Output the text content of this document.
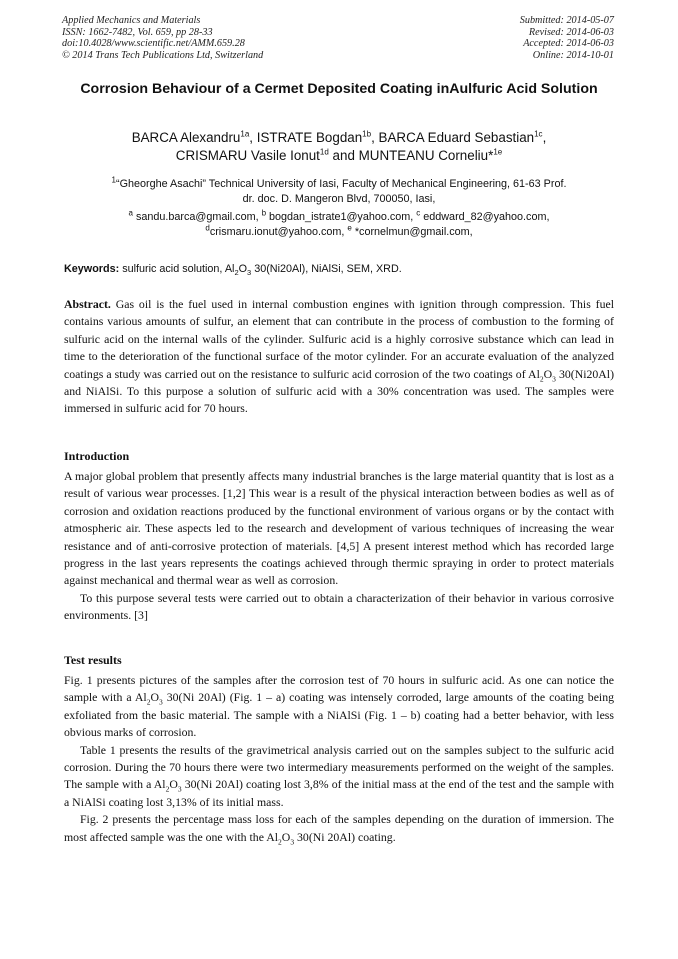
Applied Mechanics and Materials
ISSN: 1662-7482, Vol. 659, pp 28-33
doi:10.4028/www.scientific.net/AMM.659.28
© 2014 Trans Tech Publications Ltd, Switzerland
Submitted: 2014-05-07
Revised: 2014-06-03
Accepted: 2014-06-03
Online: 2014-10-01
Corrosion Behaviour of a Cermet Deposited Coating inAulfuric Acid Solution
BARCA Alexandru$^{1a}$, ISTRATE Bogdan$^{1b}$, BARCA Eduard Sebastian$^{1c}$,
CRISMARU Vasile Ionut$^{1d}$ and MUNTEANU Corneliu*$^{1e}$
$^1$“Gheorghe Asachi” Technical University of Iasi, Faculty of Mechanical Engineering, 61-63 Prof.
dr. doc. D. Mangeron Blvd, 700050, Iasi,
$^a$ sandu.barca@gmail.com, $^b$ bogdan_istrate1@yahoo.com, $^c$ eddward_82@yahoo.com,
$^d$crismaru.ionut@yahoo.com, $^e$ *cornelmun@gmail.com,
Keywords: sulfuric acid solution, $Al_2O_3$ 30(Ni20Al), NiAlSi, SEM, XRD.

Abstract. Gas oil is the fuel used in internal combustion engines with ignition through compression. This fuel contains various amounts of sulfur, an element that can contribute in the process of combustion to the forming of sulfuric acid on the internal walls of the cylinder. Sulfuric acid is a highly corrosive substance which can lead in time to the deterioration of the functional surface of the motor cylinder. For an accurate evaluation of the analyzed coatings a study was carried out on the resistance to sulfuric acid corrosion of the two coatings of $Al_2O_3$ 30(Ni20Al) and NiAlSi. To this purpose a solution of sulfuric acid with a 30% concentration was used. The samples were immersed in sulfuric acid for 70 hours.

Introduction

A major global problem that presently affects many industrial branches is the large material quantity that is lost as a result of various wear processes. [1,2] This wear is a result of the physical interaction between bodies as well as of corrosion and oxidation reactions produced by the functional environment of various organs or by the contact with atmospheric air. These aspects led to the research and development of various techniques of increasing the wear resistance and of anti-corrosive protection of materials. [4,5] A present interest method which has recorded large progress in the last years represents the coatings achieved through thermic spraying in order to protect materials against mechanical and thermal wear as well as corrosion.

To this purpose several tests were carried out to obtain a characterization of their behavior in various corrosive environments. [3]

Test results

Fig. 1 presents pictures of the samples after the corrosion test of 70 hours in sulfuric acid. As one can notice the sample with a $Al_2O_3$ 30(Ni 20Al) (Fig. 1 – a) coating was intensely corroded, large amounts of the coating being exfoliated from the basic material. The sample with a NiAlSi (Fig. 1 – b) coating had a better behavior, with less obvious marks of corrosion.

Table 1 presents the results of the gravimetrical analysis carried out on the samples subject to the sulfuric acid corrosion. During the 70 hours there were two intermediary measurements performed on the weight of the samples. The sample with a $Al_2O_3$ 30(Ni 20Al) coating lost 3,8% of the initial mass at the end of the test and the sample with a NiAlSi coating lost 3,13% of its initial mass.

Fig. 2 presents the percentage mass loss for each of the samples depending on the duration of immersion. The most affected sample was the one with the $Al_2O_3$ 30(Ni 20Al) coating.
